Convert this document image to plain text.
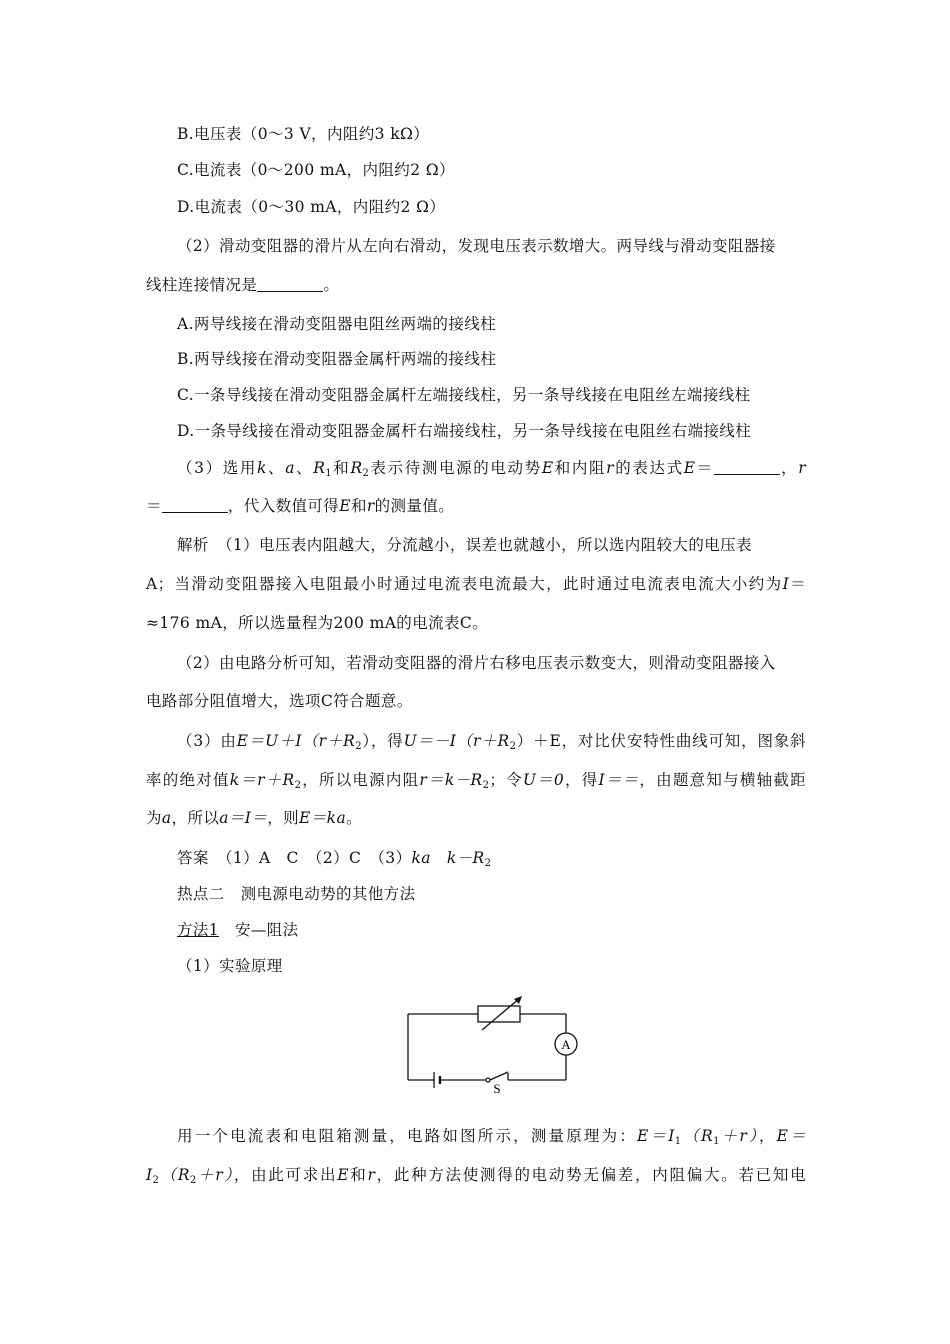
B.电压表（0～3 V，内阻约3 kΩ）
C.电流表（0～200 mA，内阻约2 Ω）
D.电流表（0～30 mA，内阻约2 Ω）
（2）滑动变阻器的滑片从左向右滑动，发现电压表示数增大。两导线与滑动变阻器接
线柱连接情况是	。
A.两导线接在滑动变阻器电阻丝两端的接线柱
B.两导线接在滑动变阻器金属杆两端的接线柱
C.一条导线接在滑动变阻器金属杆左端接线柱，另一条导线接在电阻丝左端接线柱
D.一条导线接在滑动变阻器金属杆右端接线柱，另一条导线接在电阻丝右端接线柱
（3）选用k、a、$R_1$和$R_2$表示待测电源的电动势E和内阻r的表达式E＝	，r
＝	，代入数值可得E和r的测量值。
解析　 （1）电压表内阻越大，分流越小，误差也就越小，所以选内阻较大的电压表
A；当滑动变阻器接入电阻最小时通过电流表电流最大，此时通过电流表电流大小约为I＝
≈176 mA，所以选量程为200 mA的电流表C。
（2）由电路分析可知，若滑动变阻器的滑片右移电压表示数变大，则滑动变阻器接入
电路部分阻值增大，选项C符合题意。
（3）由$E=U+I(r+R_2)$，得$U=-I(r+R_2)+E$，对比伏安特性曲线可知，图象斜
率的绝对值$k=r+R_2$，所以电源内阻$r=k-R_2$；令U＝0，得I＝＝，由题意知与横轴截距
为a，所以a＝I＝，则E＝ka。
答案　 （1）A　C　（2）C　（3）ka　 $k-R_2$
热点二　测电源电动势的其他方法
方法1　 安—阻法
（1）实验原理
A
S
用一个电流表和电阻箱测量，电路如图所示，测量原理为：$E=I_1(R_1+r)$，E＝
$I_2(R_2+r)$，由此可求出E和r，此种方法使测得的电动势无偏差，内阻偏大。若已知电
